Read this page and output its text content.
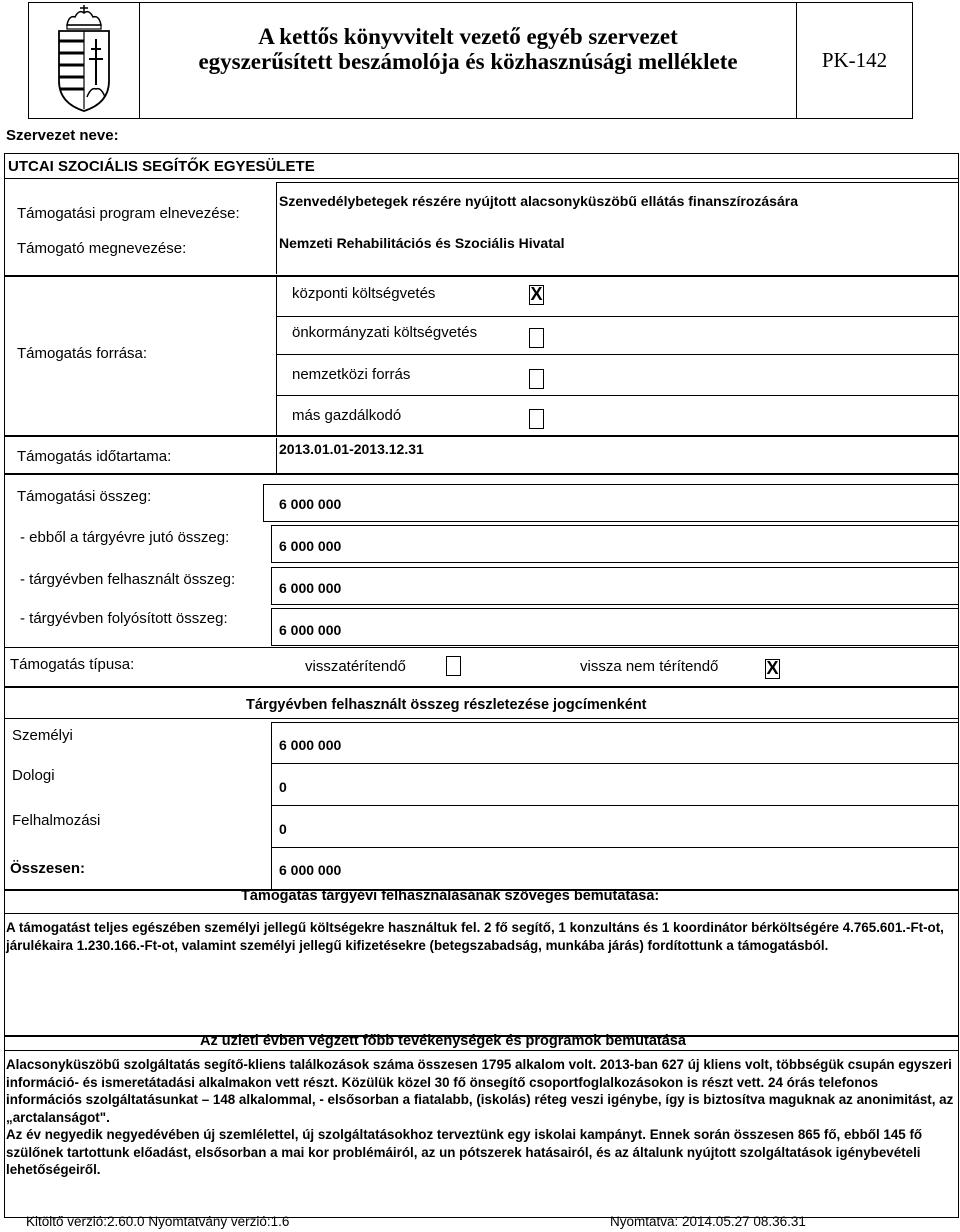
A kettős könyvvitelt vezető egyéb szervezet
egyszerűsített beszámolója és közhasznúsági melléklete	PK-142
Szervezet neve:
UTCAI SZOCIÁLIS SEGÍTŐK EGYESÜLETE
Támogatási program elnevezése:
Szenvedélybetegek részére nyújtott alacsonyküszöbű ellátás finanszírozására
Támogató megnevezése:	Nemzeti Rehabilitációs és Szociális Hivatal
Támogatás forrása:
központi költségvetés	X
önkormányzati költségvetés
nemzetközi forrás
más gazdálkodó
Támogatás időtartama:	2013.01.01-2013.12.31
Támogatási összeg:	6 000 000
- ebből a tárgyévre jutó összeg:	6 000 000
- tárgyévben felhasznált összeg:	6 000 000
- tárgyévben folyósított összeg:
6 000 000
Támogatás típusa:	visszatérítendő	vissza nem térítendő	X
Tárgyévben felhasznált összeg részletezése jogcímenként
Személyi
6 000 000
Dologi
0
Felhalmozási	0
Összesen:	6 000 000
Támogatás tárgyévi felhasználásának szöveges bemutatása:
A támogatást teljes egészében személyi jellegű költségekre használtuk fel. 2 fő segítő, 1 konzultáns és 1 koordinátor bérköltségére 4.765.601.-Ft-ot, járulékaira 1.230.166.-Ft-ot, valamint személyi jellegű kifizetésekre (betegszabadság, munkába járás) fordítottunk a támogatásból.
Az üzleti évben végzett főbb tevékenységek és programok bemutatása
Alacsonyküszöbű szolgáltatás segítő-kliens találkozások száma összesen 1795 alkalom volt. 2013-ban 627 új kliens volt, többségük csupán egyszeri információ- és ismeretátadási alkalmakon vett részt. Közülük közel 30 fő önsegítő csoportfoglalkozásokon is részt vett. 24 órás telefonos információs szolgáltatásunkat – 148 alkalommal, - elsősorban a fiatalabb, (iskolás) réteg veszi igénybe, így is biztosítva maguknak az anonimitást, az „arctalanságot".
Az év negyedik negyedévében új szemlélettel, új szolgáltatásokhoz terveztünk egy iskolai kampányt. Ennek során összesen 865 fő, ebből 145 fő szülőnek tartottunk előadást, elsősorban a mai kor problémáiról, az un pótszerek hatásairól, és az általunk nyújtott szolgáltatások igénybevételi lehetőségeiről.
Kitöltő verzió:2.60.0 Nyomtatvány verzió:1.6	Nyomtatva: 2014.05.27 08.36.31
